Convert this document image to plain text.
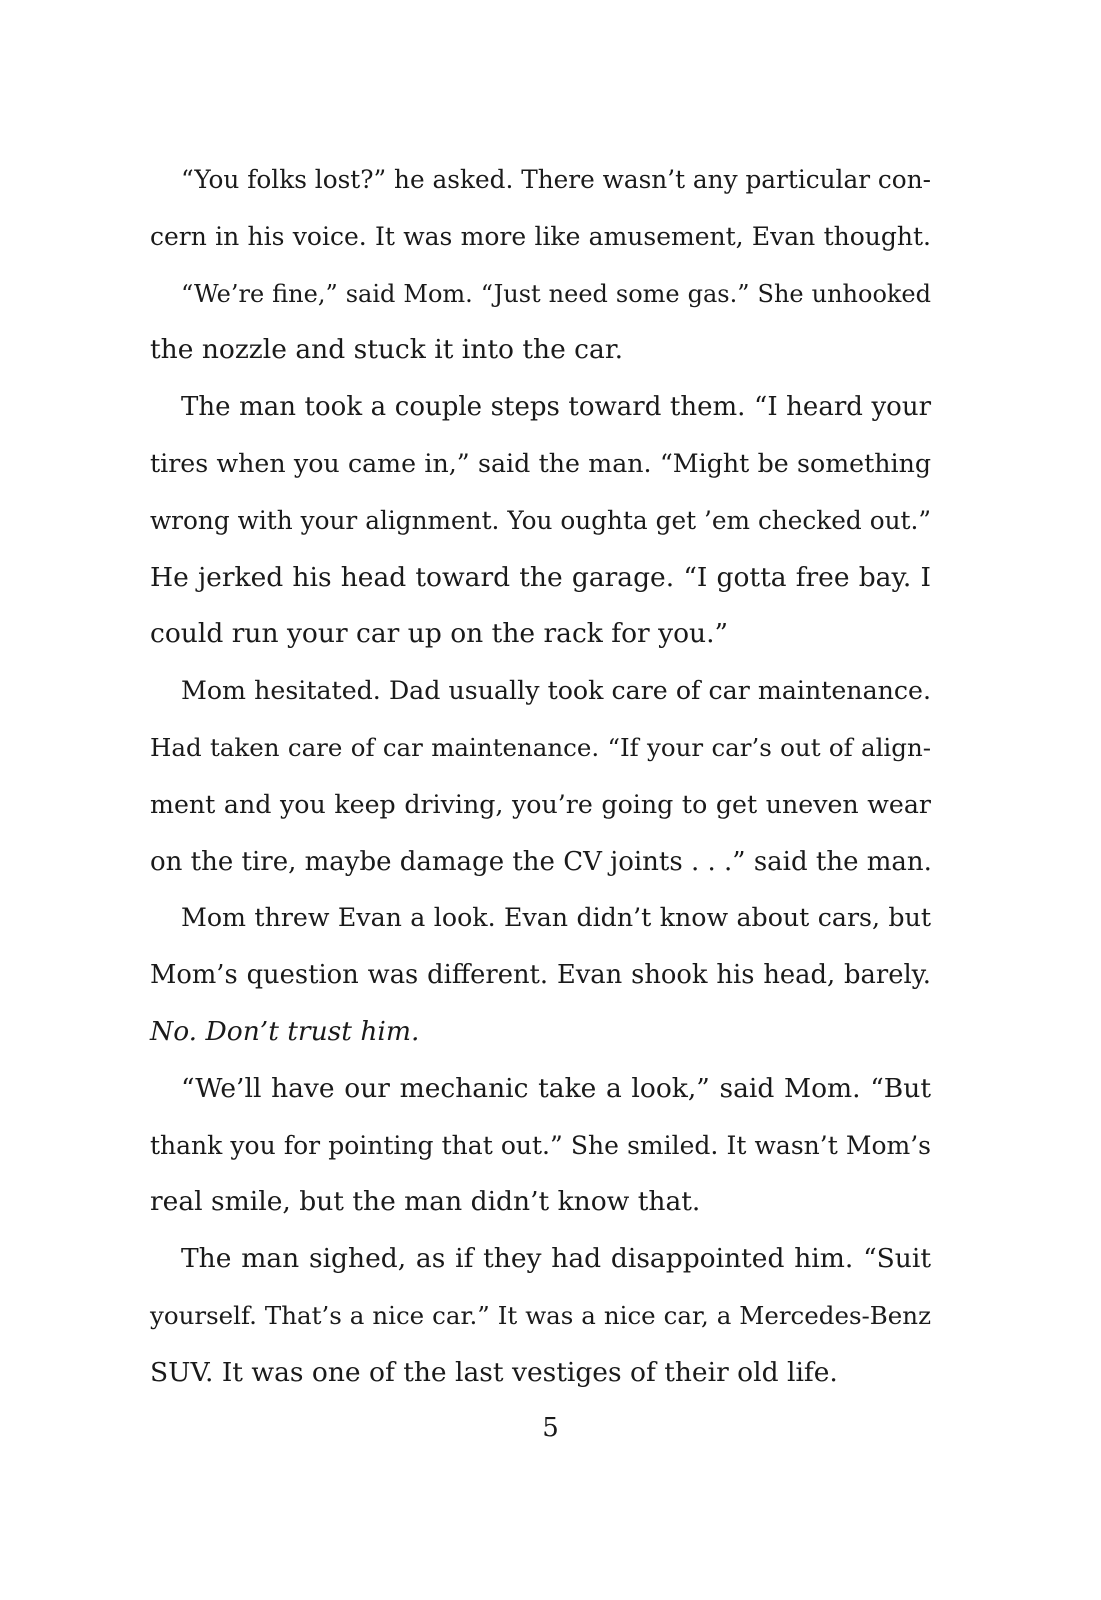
“You folks lost?” he asked. There wasn’t any particular con-
cern in his voice. It was more like amusement, Evan thought.
“We’re fine,” said Mom. “Just need some gas.” She unhooked
the nozzle and stuck it into the car.
The man took a couple steps toward them. “I heard your
tires when you came in,” said the man. “Might be something
wrong with your alignment. You oughta get ’em checked out.”
He jerked his head toward the garage. “I gotta free bay. I
could run your car up on the rack for you.”
Mom hesitated. Dad usually took care of car maintenance.
Had taken care of car maintenance. “If your car’s out of align-
ment and you keep driving, you’re going to get uneven wear
on the tire, maybe damage the CV joints . . .” said the man.
Mom threw Evan a look. Evan didn’t know about cars, but
Mom’s question was different. Evan shook his head, barely.
No. Don’t trust him.
“We’ll have our mechanic take a look,” said Mom. “But
thank you for pointing that out.” She smiled. It wasn’t Mom’s
real smile, but the man didn’t know that.
The man sighed, as if they had disappointed him. “Suit
yourself. That’s a nice car.” It was a nice car, a Mercedes-Benz
SUV. It was one of the last vestiges of their old life.
5
